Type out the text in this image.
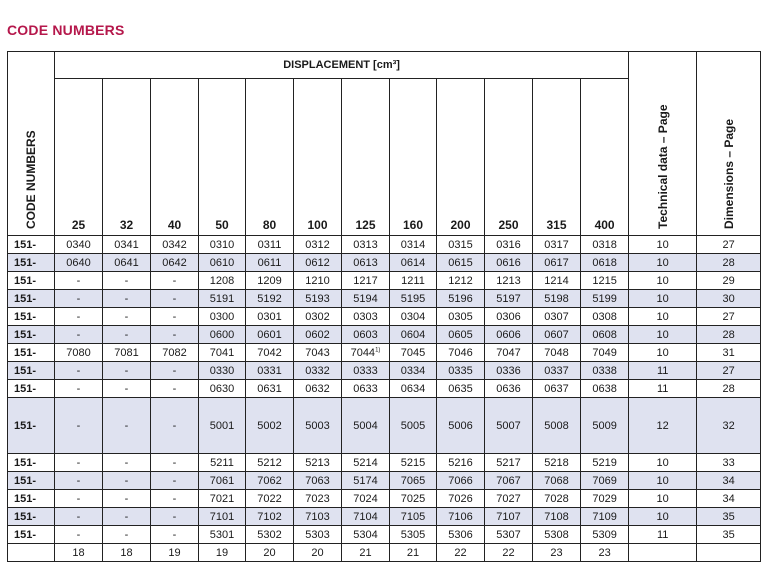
CODE NUMBERS
CODE NUMBERS	DISPLACEMENT [cm³]												Technical data – Page	Dimensions – Page

	25	32	40	50	80	100	125	160	200	250	315	400		
151-	0340	0341	0342	0310	0311	0312	0313	0314	0315	0316	0317	0318	10	27
151-	0640	0641	0642	0610	0611	0612	0613	0614	0615	0616	0617	0618	10	28
151-	-	-	-	1208	1209	1210	1217	1211	1212	1213	1214	1215	10	29
151-	-	-	-	5191	5192	5193	5194	5195	5196	5197	5198	5199	10	30
151-	-	-	-	0300	0301	0302	0303	0304	0305	0306	0307	0308	10	27
151-	-	-	-	0600	0601	0602	0603	0604	0605	0606	0607	0608	10	28
151-	7080	7081	7082	7041	7042	7043	7044$^{1)}$	7045	7046	7047	7048	7049	10	31
151-	-	-	-	0330	0331	0332	0333	0334	0335	0336	0337	0338	11	27
151-	-	-	-	0630	0631	0632	0633	0634	0635	0636	0637	0638	11	28
151-	-	-	-	5001	5002	5003	5004	5005	5006	5007	5008	5009	12	32
151-	-	-	-	5211	5212	5213	5214	5215	5216	5217	5218	5219	10	33
151-	-	-	-	7061	7062	7063	5174	7065	7066	7067	7068	7069	10	34
151-	-	-	-	7021	7022	7023	7024	7025	7026	7027	7028	7029	10	34
151-	-	-	-	7101	7102	7103	7104	7105	7106	7107	7108	7109	10	35
151-	-	-	-	5301	5302	5303	5304	5305	5306	5307	5308	5309	11	35
	18	18	19	19	20	20	21	21	22	22	23	23		
